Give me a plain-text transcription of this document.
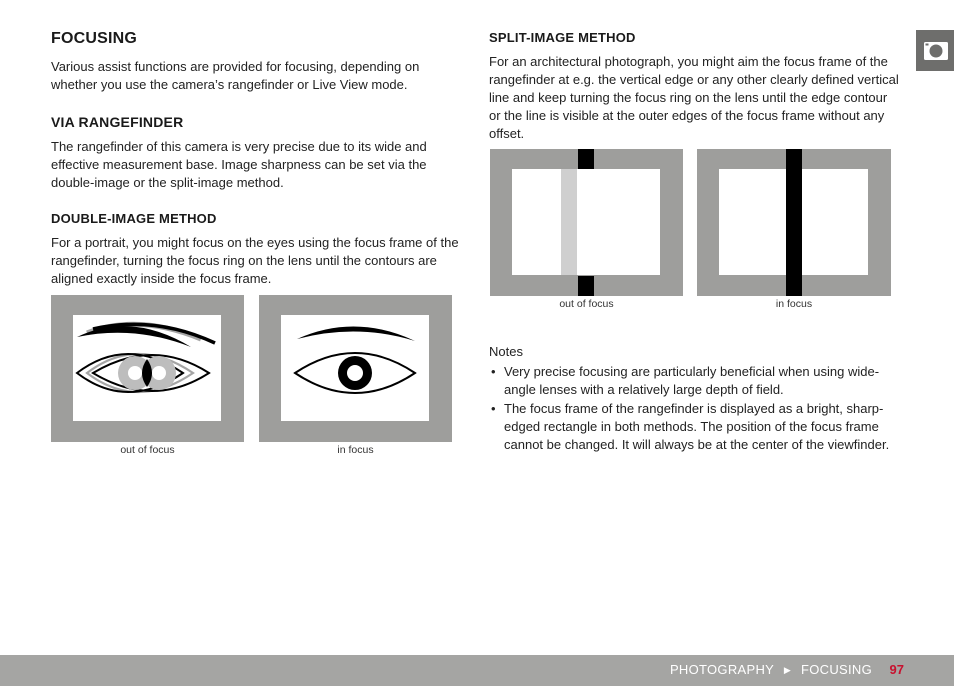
FOCUSING

Various assist functions are provided for focusing, depending on whether you use the camera’s rangefinder or Live View mode.

VIA RANGEFINDER

The rangefinder of this camera is very precise due to its wide and effective measurement base. Image sharpness can be set via the double-image or the split-image method.

DOUBLE-IMAGE METHOD

For a portrait, you might focus on the eyes using the focus frame of the rangefinder, turning the focus ring on the lens until the contours are aligned exactly inside the focus frame.

out of focus	in focus
SPLIT-IMAGE METHOD

For an architectural photograph, you might aim the focus frame of the rangefinder at e.g. the vertical edge or any other clearly defined vertical line and keep turning the focus ring on the lens until the edge contour or the line is visible at the outer edges of the focus frame without any offset.

out of focus	in focus
Notes
• Very precise focusing are particularly beneficial when using wide-angle lenses with a relatively large depth of field.
• The focus frame of the rangefinder is displayed as a bright, sharp-edged rectangle in both methods. The position of the focus frame cannot be changed. It will always be at the center of the viewfinder.
PHOTOGRAPHY ▶ FOCUSING 97
